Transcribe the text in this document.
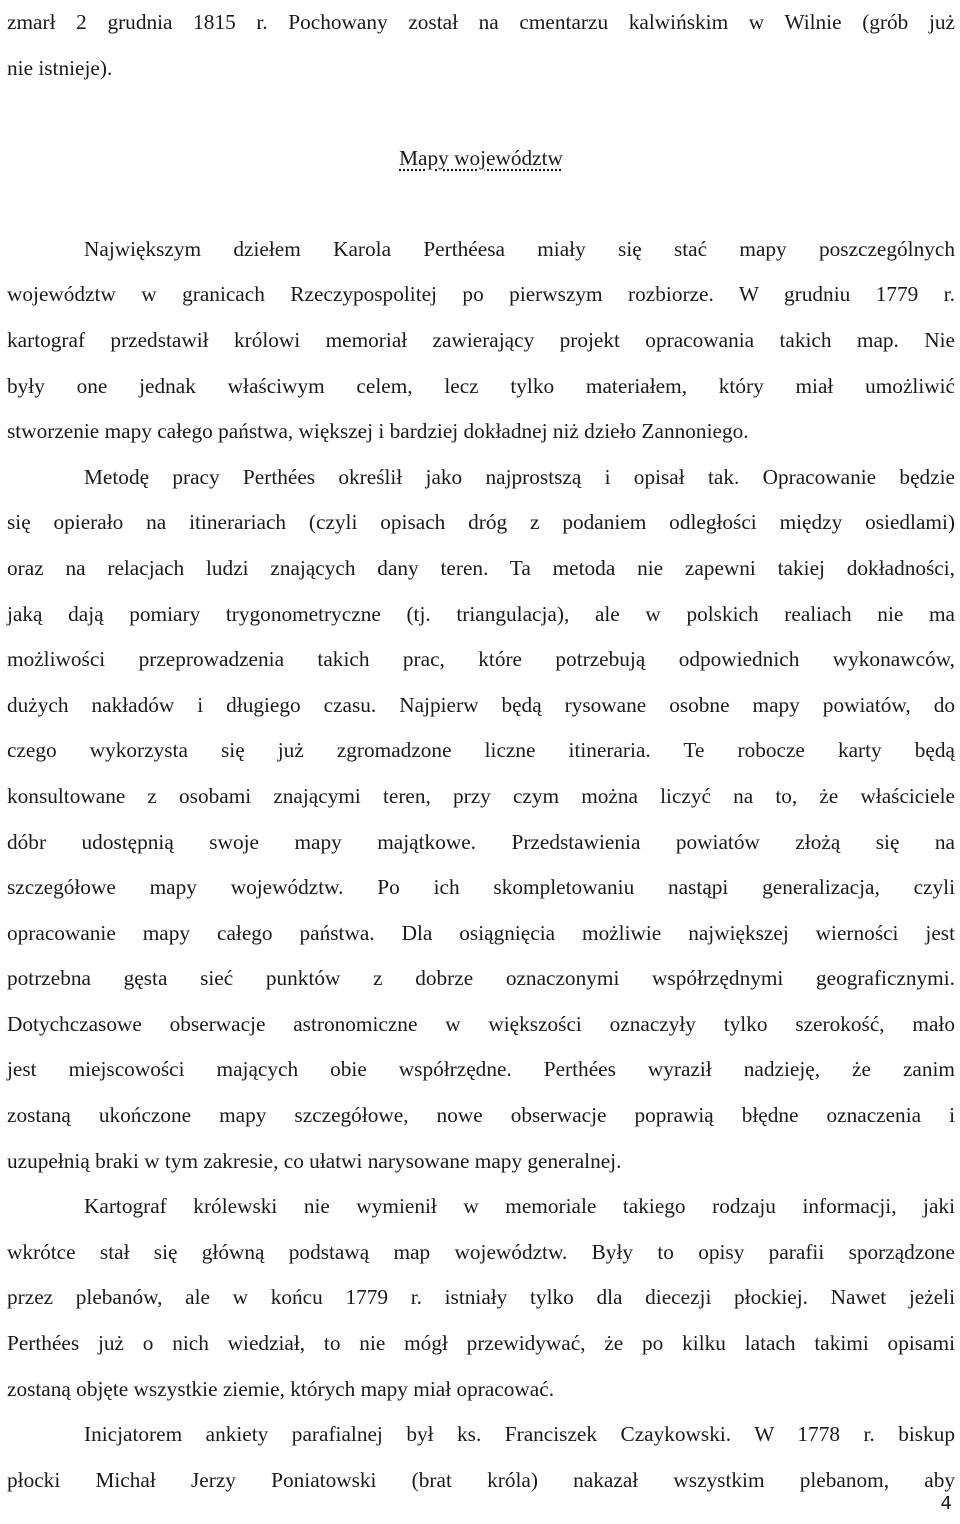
zmarł 2 grudnia 1815 r. Pochowany został na cmentarzu kalwińskim w Wilnie (grób już
nie istnieje).
Mapy województw
Największym dziełem Karola Perthéesa miały się stać mapy poszczególnych
województw w granicach Rzeczypospolitej po pierwszym rozbiorze. W grudniu 1779 r.
kartograf przedstawił królowi memoriał zawierający projekt opracowania takich map. Nie
były one jednak właściwym celem, lecz tylko materiałem, który miał umożliwić
stworzenie mapy całego państwa, większej i bardziej dokładnej niż dzieło Zannoniego.
Metodę pracy Perthées określił jako najprostszą i opisał tak. Opracowanie będzie
się opierało na itinerariach (czyli opisach dróg z podaniem odległości między osiedlami)
oraz na relacjach ludzi znających dany teren. Ta metoda nie zapewni takiej dokładności,
jaką dają pomiary trygonometryczne (tj. triangulacja), ale w polskich realiach nie ma
możliwości przeprowadzenia takich prac, które potrzebują odpowiednich wykonawców,
dużych nakładów i długiego czasu. Najpierw będą rysowane osobne mapy powiatów, do
czego wykorzysta się już zgromadzone liczne itineraria. Te robocze karty będą
konsultowane z osobami znającymi teren, przy czym można liczyć na to, że właściciele
dóbr udostępnią swoje mapy majątkowe. Przedstawienia powiatów złożą się na
szczegółowe mapy województw. Po ich skompletowaniu nastąpi generalizacja, czyli
opracowanie mapy całego państwa. Dla osiągnięcia możliwie największej wierności jest
potrzebna gęsta sieć punktów z dobrze oznaczonymi współrzędnymi geograficznymi.
Dotychczasowe obserwacje astronomiczne w większości oznaczyły tylko szerokość, mało
jest miejscowości mających obie współrzędne. Perthées wyraził nadzieję, że zanim
zostaną ukończone mapy szczegółowe, nowe obserwacje poprawią błędne oznaczenia i
uzupełnią braki w tym zakresie, co ułatwi narysowane mapy generalnej.
Kartograf królewski nie wymienił w memoriale takiego rodzaju informacji, jaki
wkrótce stał się główną podstawą map województw. Były to opisy parafii sporządzone
przez plebanów, ale w końcu 1779 r. istniały tylko dla diecezji płockiej. Nawet jeżeli
Perthées już o nich wiedział, to nie mógł przewidywać, że po kilku latach takimi opisami
zostaną objęte wszystkie ziemie, których mapy miał opracować.
Inicjatorem ankiety parafialnej był ks. Franciszek Czaykowski. W 1778 r. biskup
płocki Michał Jerzy Poniatowski (brat króla) nakazał wszystkim plebanom, aby
4
